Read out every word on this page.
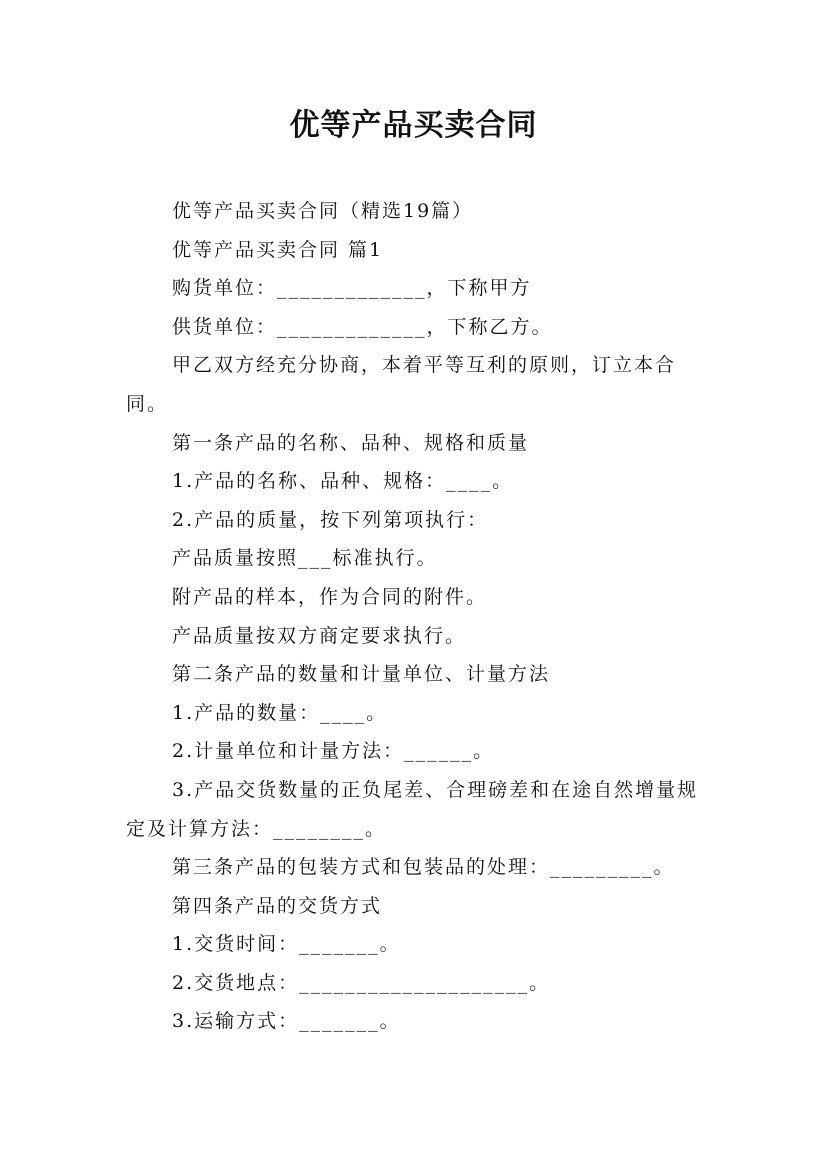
优等产品买卖合同

优等产品买卖合同（精选19篇）

优等产品买卖合同 篇1

购货单位：_____________，下称甲方

供货单位：_____________，下称乙方。

甲乙双方经充分协商，本着平等互利的原则，订立本合同。

第一条产品的名称、品种、规格和质量

1.产品的名称、品种、规格：____。

2.产品的质量，按下列第项执行：

产品质量按照___标准执行。

附产品的样本，作为合同的附件。

产品质量按双方商定要求执行。

第二条产品的数量和计量单位、计量方法

1.产品的数量：____。

2.计量单位和计量方法：______。

3.产品交货数量的正负尾差、合理磅差和在途自然增量规定及计算方法：________。

第三条产品的包装方式和包装品的处理：_________。

第四条产品的交货方式

1.交货时间：_______。

2.交货地点：____________________。

3.运输方式：_______。
